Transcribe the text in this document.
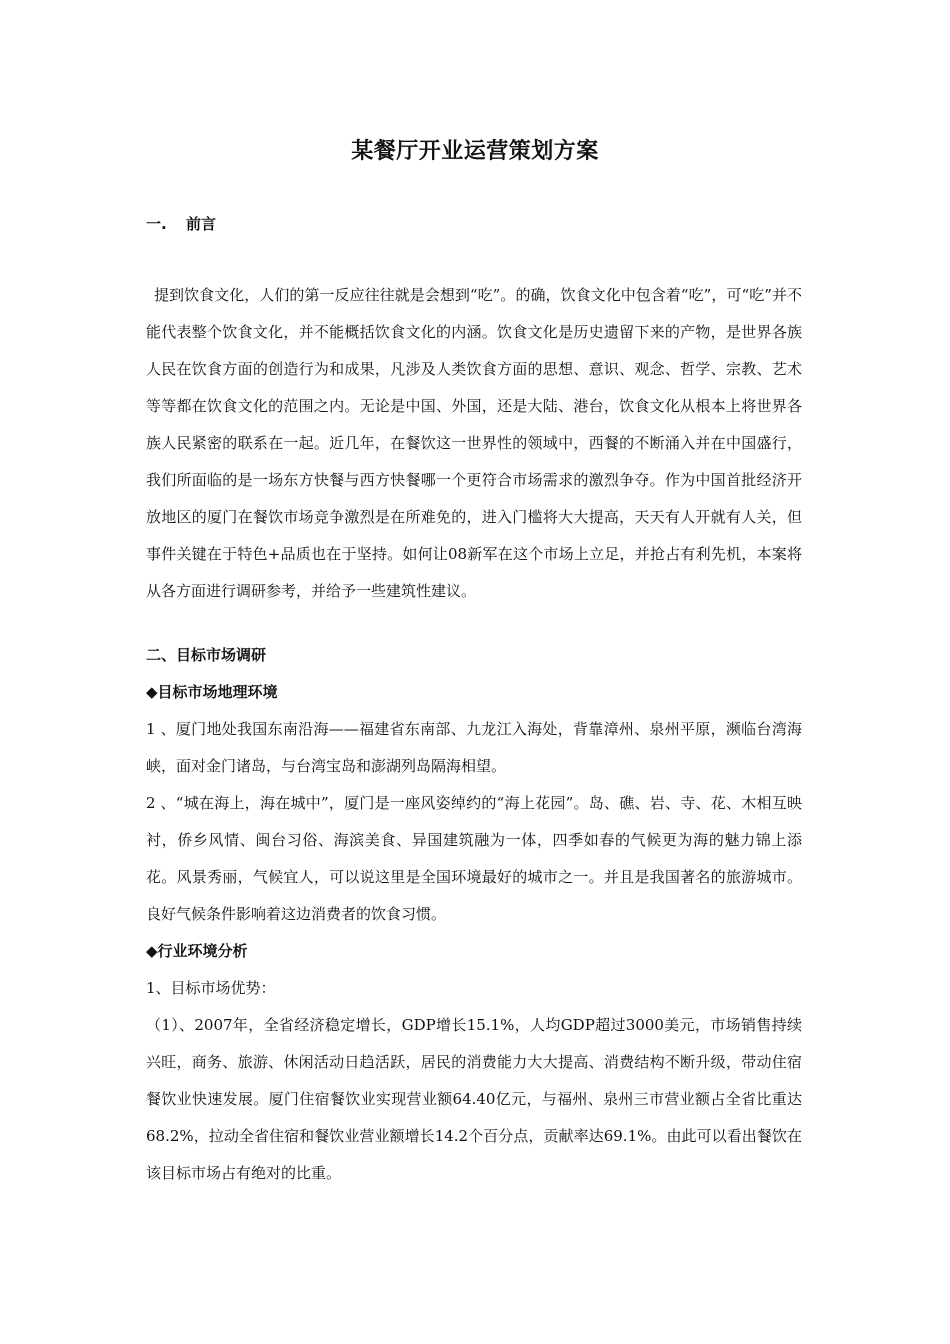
某餐厅开业运营策划方案
一. 前言

提到饮食文化，人们的第一反应往往就是会想到“吃”。的确，饮食文化中包含着“吃”，可“吃”并不能代表整个饮食文化，并不能概括饮食文化的内涵。饮食文化是历史遗留下来的产物，是世界各族人民在饮食方面的创造行为和成果，凡涉及人类饮食方面的思想、意识、观念、哲学、宗教、艺术等等都在饮食文化的范围之内。无论是中国、外国，还是大陆、港台，饮食文化从根本上将世界各族人民紧密的联系在一起。近几年，在餐饮这一世界性的领域中，西餐的不断涌入并在中国盛行，我们所面临的是一场东方快餐与西方快餐哪一个更符合市场需求的激烈争夺。作为中国首批经济开放地区的厦门在餐饮市场竞争激烈是在所难免的，进入门槛将大大提高，天天有人开就有人关，但事件关键在于特色+品质也在于坚持。如何让08新军在这个市场上立足，并抢占有利先机，本案将从各方面进行调研参考，并给予一些建筑性建议。

二、目标市场调研
◆目标市场地理环境

1 、厦门地处我国东南沿海——福建省东南部、九龙江入海处，背靠漳州、泉州平原，濒临台湾海峡，面对金门诸岛，与台湾宝岛和澎湖列岛隔海相望。

2 、“城在海上，海在城中”，厦门是一座风姿绰约的“海上花园”。岛、礁、岩、寺、花、木相互映衬，侨乡风情、闽台习俗、海滨美食、异国建筑融为一体，四季如春的气候更为海的魅力锦上添花。风景秀丽，气候宜人，可以说这里是全国环境最好的城市之一。并且是我国著名的旅游城市。良好气候条件影响着这边消费者的饮食习惯。

◆行业环境分析

1、目标市场优势：

（1）、2007年，全省经济稳定增长，GDP增长15.1%，人均GDP超过3000美元，市场销售持续兴旺，商务、旅游、休闲活动日趋活跃，居民的消费能力大大提高、消费结构不断升级，带动住宿餐饮业快速发展。厦门住宿餐饮业实现营业额64.40亿元，与福州、泉州三市营业额占全省比重达68.2%，拉动全省住宿和餐饮业营业额增长14.2个百分点，贡献率达69.1%。由此可以看出餐饮在该目标市场占有绝对的比重。
